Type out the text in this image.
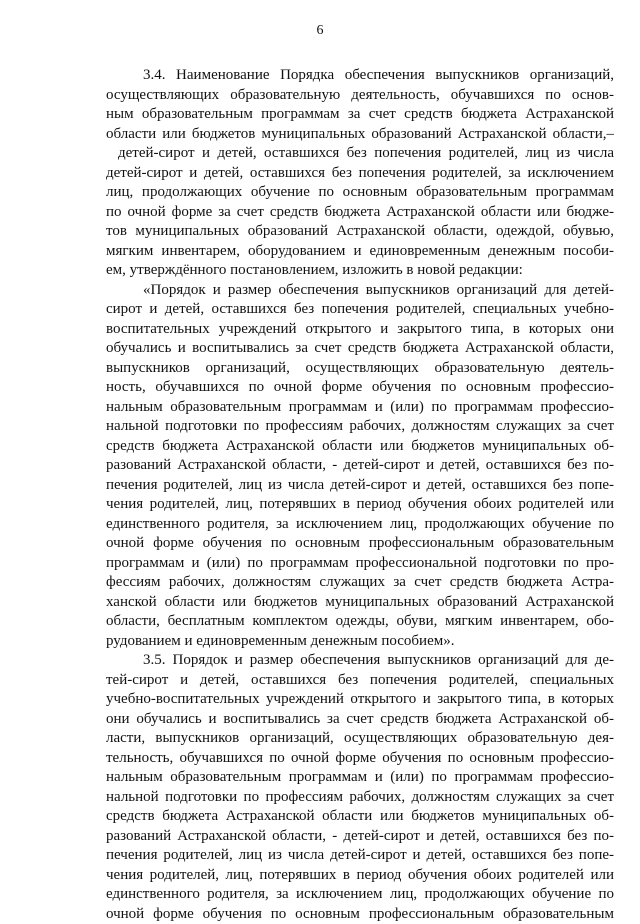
6
3.4. Наименование Порядка обеспечения выпускников организаций,
осуществляющих образовательную деятельность, обучавшихся по основ-
ным образовательным программам за счет средств бюджета Астраханской
области или бюджетов муниципальных образований Астраханской области,–
детей-сирот и детей, оставшихся без попечения родителей, лиц из числа
детей-сирот и детей, оставшихся без попечения родителей, за исключением
лиц, продолжающих обучение по основным образовательным программам
по очной форме за счет средств бюджета Астраханской области или бюдже-
тов муниципальных образований Астраханской области, одеждой, обувью,
мягким инвентарем, оборудованием и единовременным денежным пособи-
ем, утверждённого постановлением, изложить в новой редакции:
«Порядок и размер обеспечения выпускников организаций для детей-
сирот и детей, оставшихся без попечения родителей, специальных учебно-
воспитательных учреждений открытого и закрытого типа, в которых они
обучались и воспитывались за счет средств бюджета Астраханской области,
выпускников организаций, осуществляющих образовательную деятель-
ность, обучавшихся по очной форме обучения по основным профессио-
нальным образовательным программам и (или) по программам профессио-
нальной подготовки по профессиям рабочих, должностям служащих за счет
средств бюджета Астраханской области или бюджетов муниципальных об-
разований Астраханской области, - детей-сирот и детей, оставшихся без по-
печения родителей, лиц из числа детей-сирот и детей, оставшихся без попе-
чения родителей, лиц, потерявших в период обучения обоих родителей или
единственного родителя, за исключением лиц, продолжающих обучение по
очной форме обучения по основным профессиональным образовательным
программам и (или) по программам профессиональной подготовки по про-
фессиям рабочих, должностям служащих за счет средств бюджета Астра-
ханской области или бюджетов муниципальных образований Астраханской
области, бесплатным комплектом одежды, обуви, мягким инвентарем, обо-
рудованием и единовременным денежным пособием».
3.5. Порядок и размер обеспечения выпускников организаций для де-
тей-сирот и детей, оставшихся без попечения родителей, специальных
учебно-воспитательных учреждений открытого и закрытого типа, в которых
они обучались и воспитывались за счет средств бюджета Астраханской об-
ласти, выпускников организаций, осуществляющих образовательную дея-
тельность, обучавшихся по очной форме обучения по основным профессио-
нальным образовательным программам и (или) по программам профессио-
нальной подготовки по профессиям рабочих, должностям служащих за счет
средств бюджета Астраханской области или бюджетов муниципальных об-
разований Астраханской области, - детей-сирот и детей, оставшихся без по-
печения родителей, лиц из числа детей-сирот и детей, оставшихся без попе-
чения родителей, лиц, потерявших в период обучения обоих родителей или
единственного родителя, за исключением лиц, продолжающих обучение по
очной форме обучения по основным профессиональным образовательным
